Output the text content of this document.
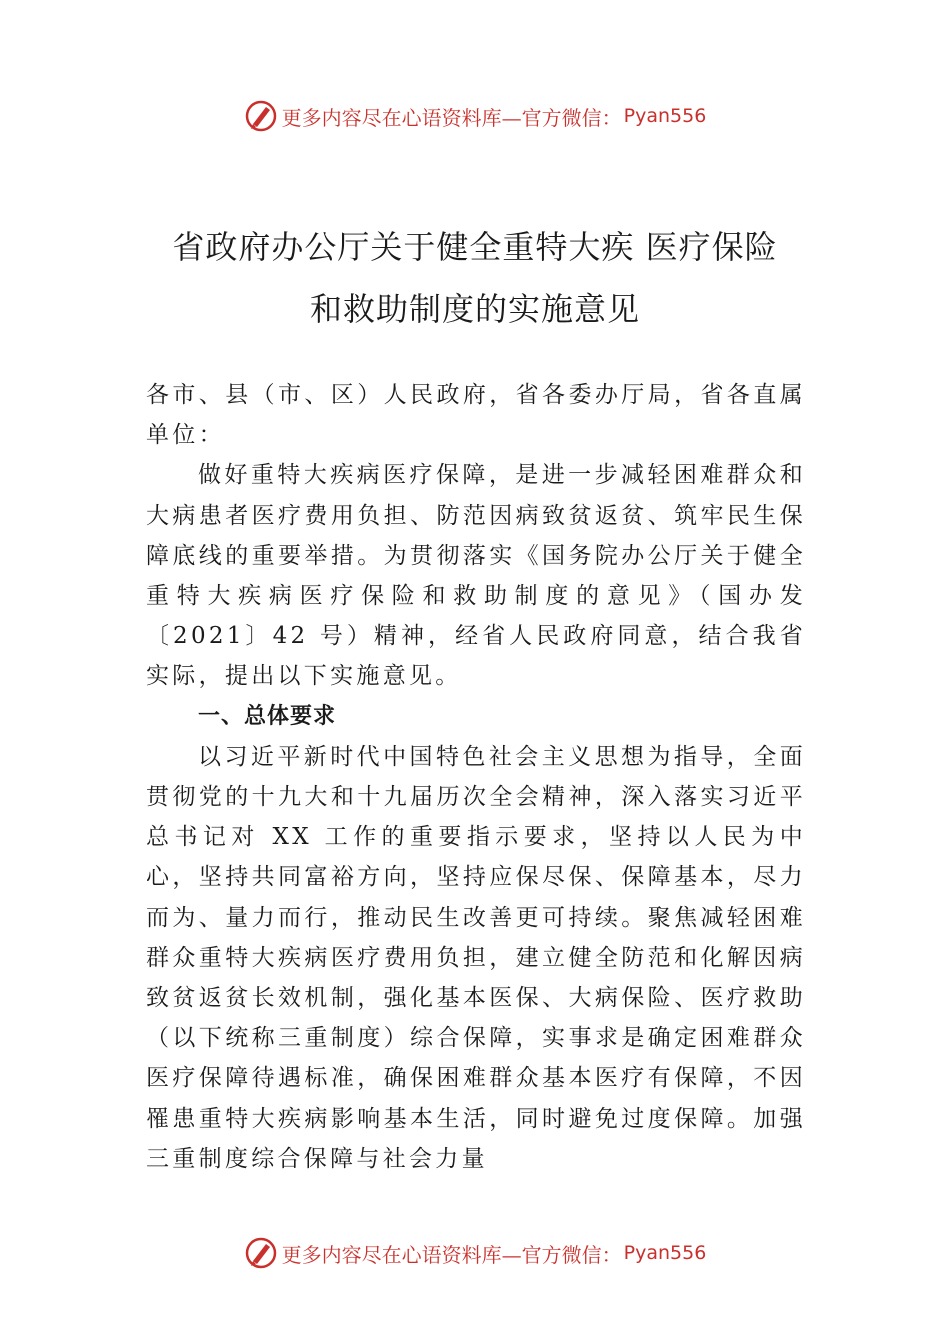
更多内容尽在心语资料库—官方微信： Pyan556
省政府办公厅关于健全重特大疾 医疗保险
和救助制度的实施意见

各市、县（市、区）人民政府，省各委办厅局，省各直属单位：

做好重特大疾病医疗保障，是进一步减轻困难群众和大病患者医疗费用负担、防范因病致贫返贫、筑牢民生保障底线的重要举措。为贯彻落实《国务院办公厅关于健全重特大疾病医疗保险和救助制度的意见》（国办发〔2021〕42 号）精神，经省人民政府同意，结合我省实际，提出以下实施意见。

一、总体要求

以习近平新时代中国特色社会主义思想为指导，全面贯彻党的十九大和十九届历次全会精神，深入落实习近平总书记对 XX 工作的重要指示要求，坚持以人民为中心，坚持共同富裕方向，坚持应保尽保、保障基本，尽力而为、量力而行，推动民生改善更可持续。聚焦减轻困难群众重特大疾病医疗费用负担，建立健全防范和化解因病致贫返贫长效机制，强化基本医保、大病保险、医疗救助（以下统称三重制度）综合保障，实事求是确定困难群众医疗保障待遇标准，确保困难群众基本医疗有保障，不因罹患重特大疾病影响基本生活，同时避免过度保障。加强三重制度综合保障与社会力量

更多内容尽在心语资料库—官方微信： Pyan556
